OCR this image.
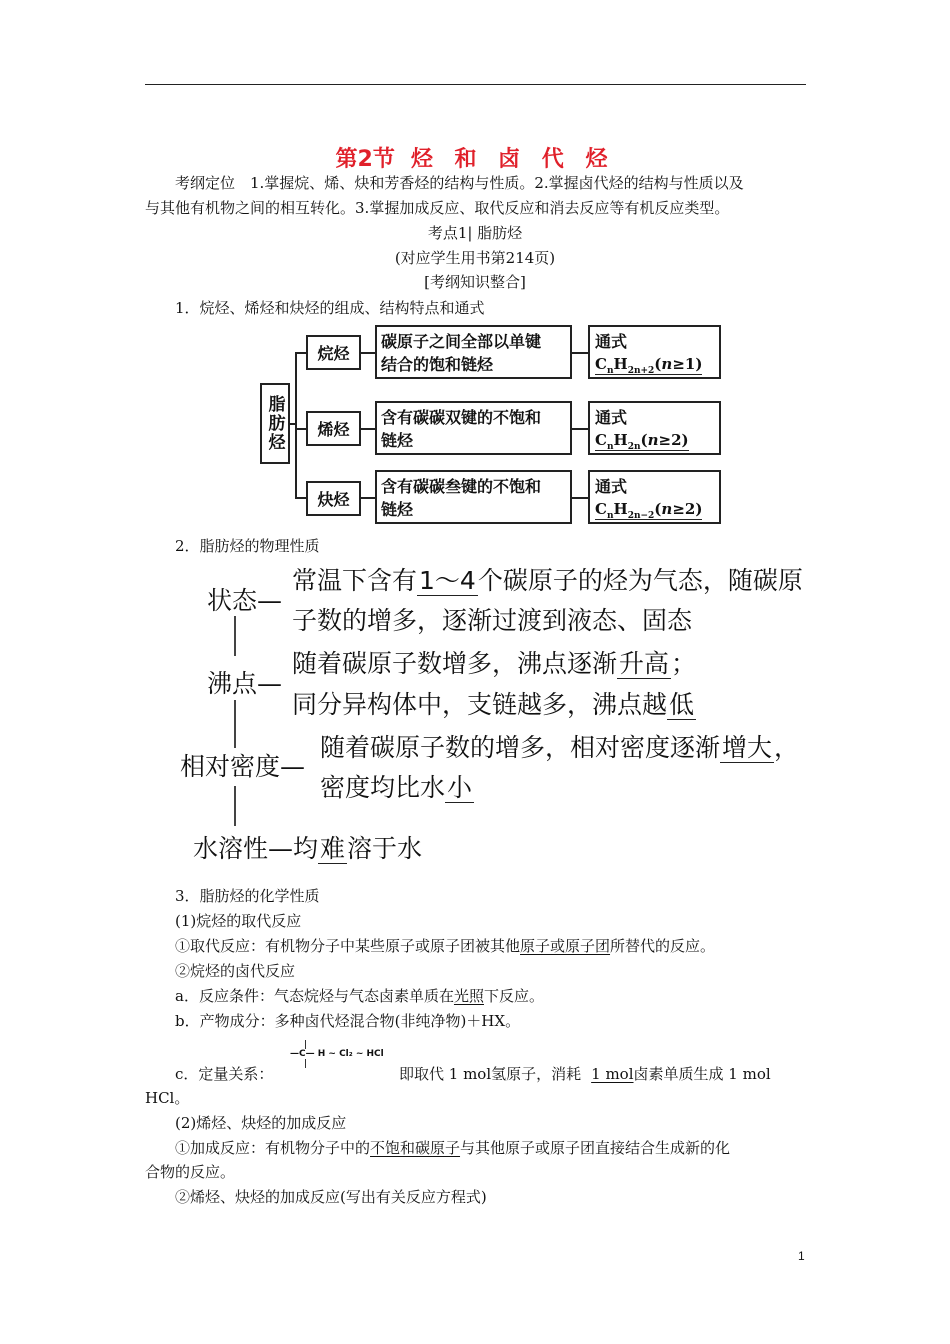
第2节 烃 和 卤 代 烃
考纲定位　1.掌握烷、烯、炔和芳香烃的结构与性质。2.掌握卤代烃的结构与性质以及
与其他有机物之间的相互转化。3.掌握加成反应、取代反应和消去反应等有机反应类型。
考点1| 脂肪烃
(对应学生用书第214页)
[考纲知识整合]
1．烷烃、烯烃和炔烃的组成、结构特点和通式
脂肪烃
烷烃
碳原子之间全部以单键
结合的饱和链烃
通式
$C_nH_{2n+2}(n\ge 1)$
烯烃
含有碳碳双键的不饱和
链烃
通式
$C_nH_{2n}(n\ge 2)$
炔烃
含有碳碳叁键的不饱和
链烃
通式
$C_nH_{2n-2}(n\ge 2)$
2．脂肪烃的物理性质
状态—
常温下含有1～4个碳原子的烃为气态，随碳原
子数的增多，逐渐过渡到液态、固态
沸点—
随着碳原子数增多，沸点逐渐升高；
同分异构体中，支链越多，沸点越低
相对密度—
随着碳原子数的增多，相对密度逐渐增大，
密度均比水小
水溶性—均难溶于水
3．脂肪烃的化学性质
(1)烷烃的取代反应
①取代反应：有机物分子中某些原子或原子团被其他原子或原子团所替代的反应。
②烷烃的卤代反应
a．反应条件：气态烷烃与气态卤素单质在光照下反应。
b．产物成分：多种卤代烃混合物(非纯净物)＋HX。
c．定量关系：
—C— H ~ Cl₂ ~ HCl
即取代 1 mol氢原子，消耗 1 mol卤素单质生成 1 mol
HCl。
(2)烯烃、炔烃的加成反应
①加成反应：有机物分子中的不饱和碳原子与其他原子或原子团直接结合生成新的化
合物的反应。
②烯烃、炔烃的加成反应(写出有关反应方程式)
1
